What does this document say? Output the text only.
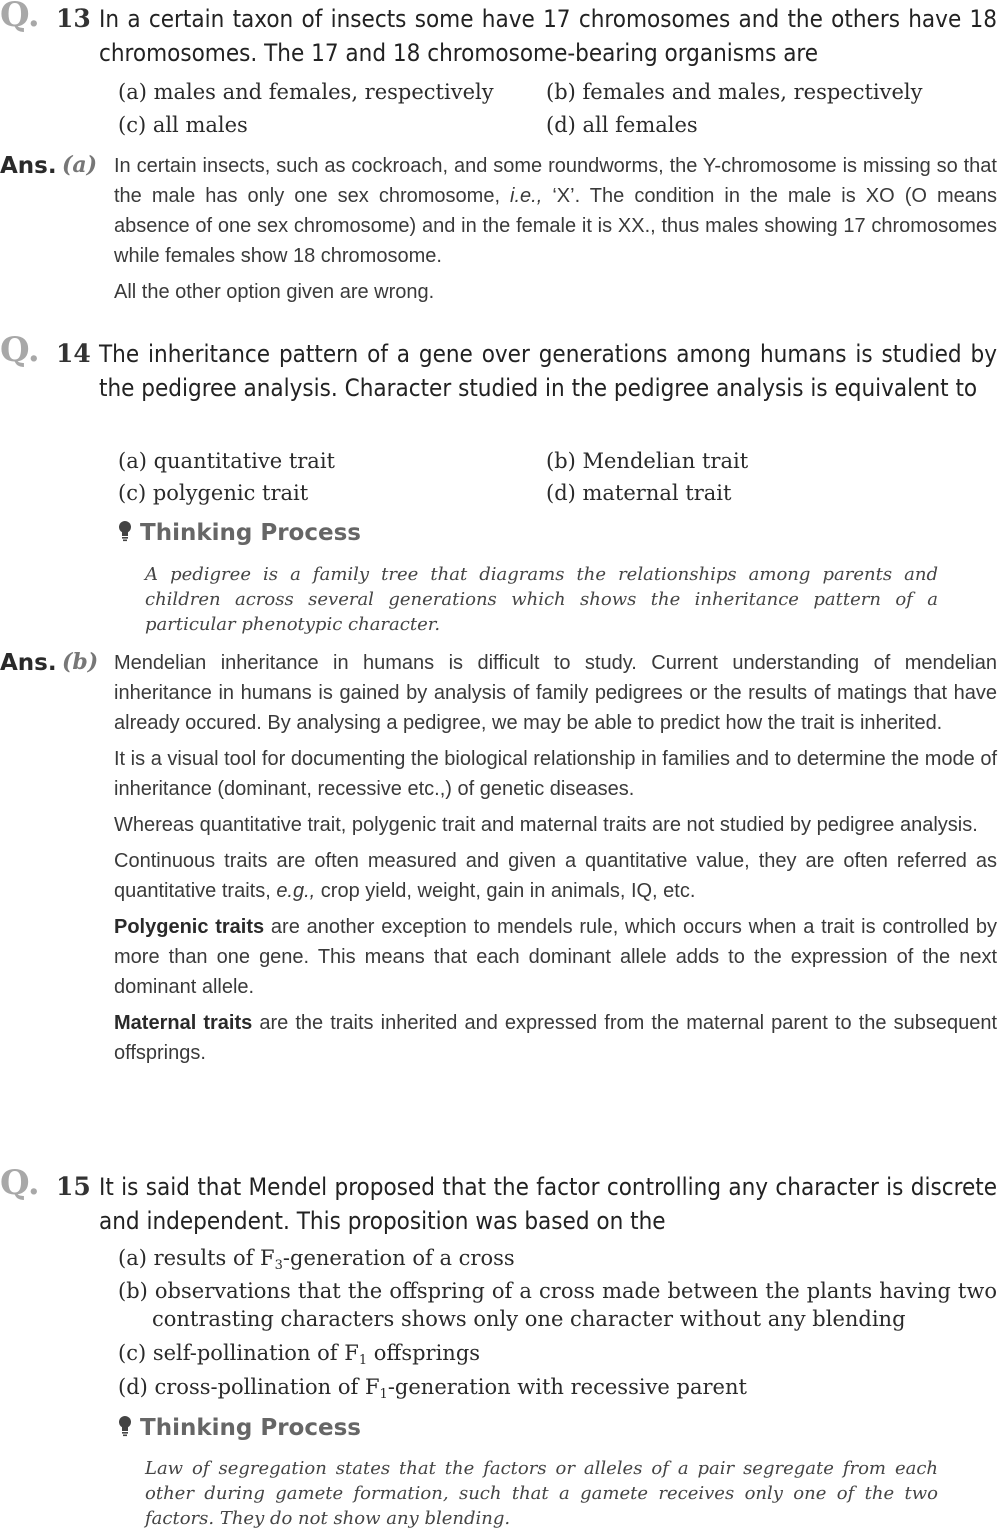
Q. 13 In a certain taxon of insects some have 17 chromosomes and the others have 18 chromosomes. The 17 and 18 chromosome-bearing organisms are
(a) males and females, respectively (b) females and males, respectively
(c) all males	(d) all females
Ans. (a) In certain insects, such as cockroach, and some roundworms, the Y-chromosome is missing so that the male has only one sex chromosome, i.e., ‘X’. The condition in the male is XO (O means absence of one sex chromosome) and in the female it is XX., thus males showing 17 chromosomes while females show 18 chromosome.

All the other option given are wrong.

Q. 14 The inheritance pattern of a gene over generations among humans is studied by the pedigree analysis. Character studied in the pedigree analysis is equivalent to
(a) quantitative trait	(b) Mendelian trait
(c) polygenic trait	(d) maternal trait
Thinking Process
A pedigree is a family tree that diagrams the relationships among parents and children across several generations which shows the inheritance pattern of a particular phenotypic character.
Ans. (b) Mendelian inheritance in humans is difficult to study. Current understanding of mendelian inheritance in humans is gained by analysis of family pedigrees or the results of matings that have already occured. By analysing a pedigree, we may be able to predict how the trait is inherited.

It is a visual tool for documenting the biological relationship in families and to determine the mode of inheritance (dominant, recessive etc.,) of genetic diseases.

Whereas quantitative trait, polygenic trait and maternal traits are not studied by pedigree analysis.

Continuous traits are often measured and given a quantitative value, they are often referred as quantitative traits, e.g., crop yield, weight, gain in animals, IQ, etc.

Polygenic traits are another exception to mendels rule, which occurs when a trait is controlled by more than one gene. This means that each dominant allele adds to the expression of the next dominant allele.

Maternal traits are the traits inherited and expressed from the maternal parent to the subsequent offsprings.

Q. 15 It is said that Mendel proposed that the factor controlling any character is discrete and independent. This proposition was based on the
(a) results of $F_3$-generation of a cross
(b) observations that the offspring of a cross made between the plants having two contrasting characters shows only one character without any blending
(c) self-pollination of $F_1$ offsprings
(d) cross-pollination of $F_1$-generation with recessive parent
Thinking Process
Law of segregation states that the factors or alleles of a pair segregate from each other during gamete formation, such that a gamete receives only one of the two factors. They do not show any blending.
